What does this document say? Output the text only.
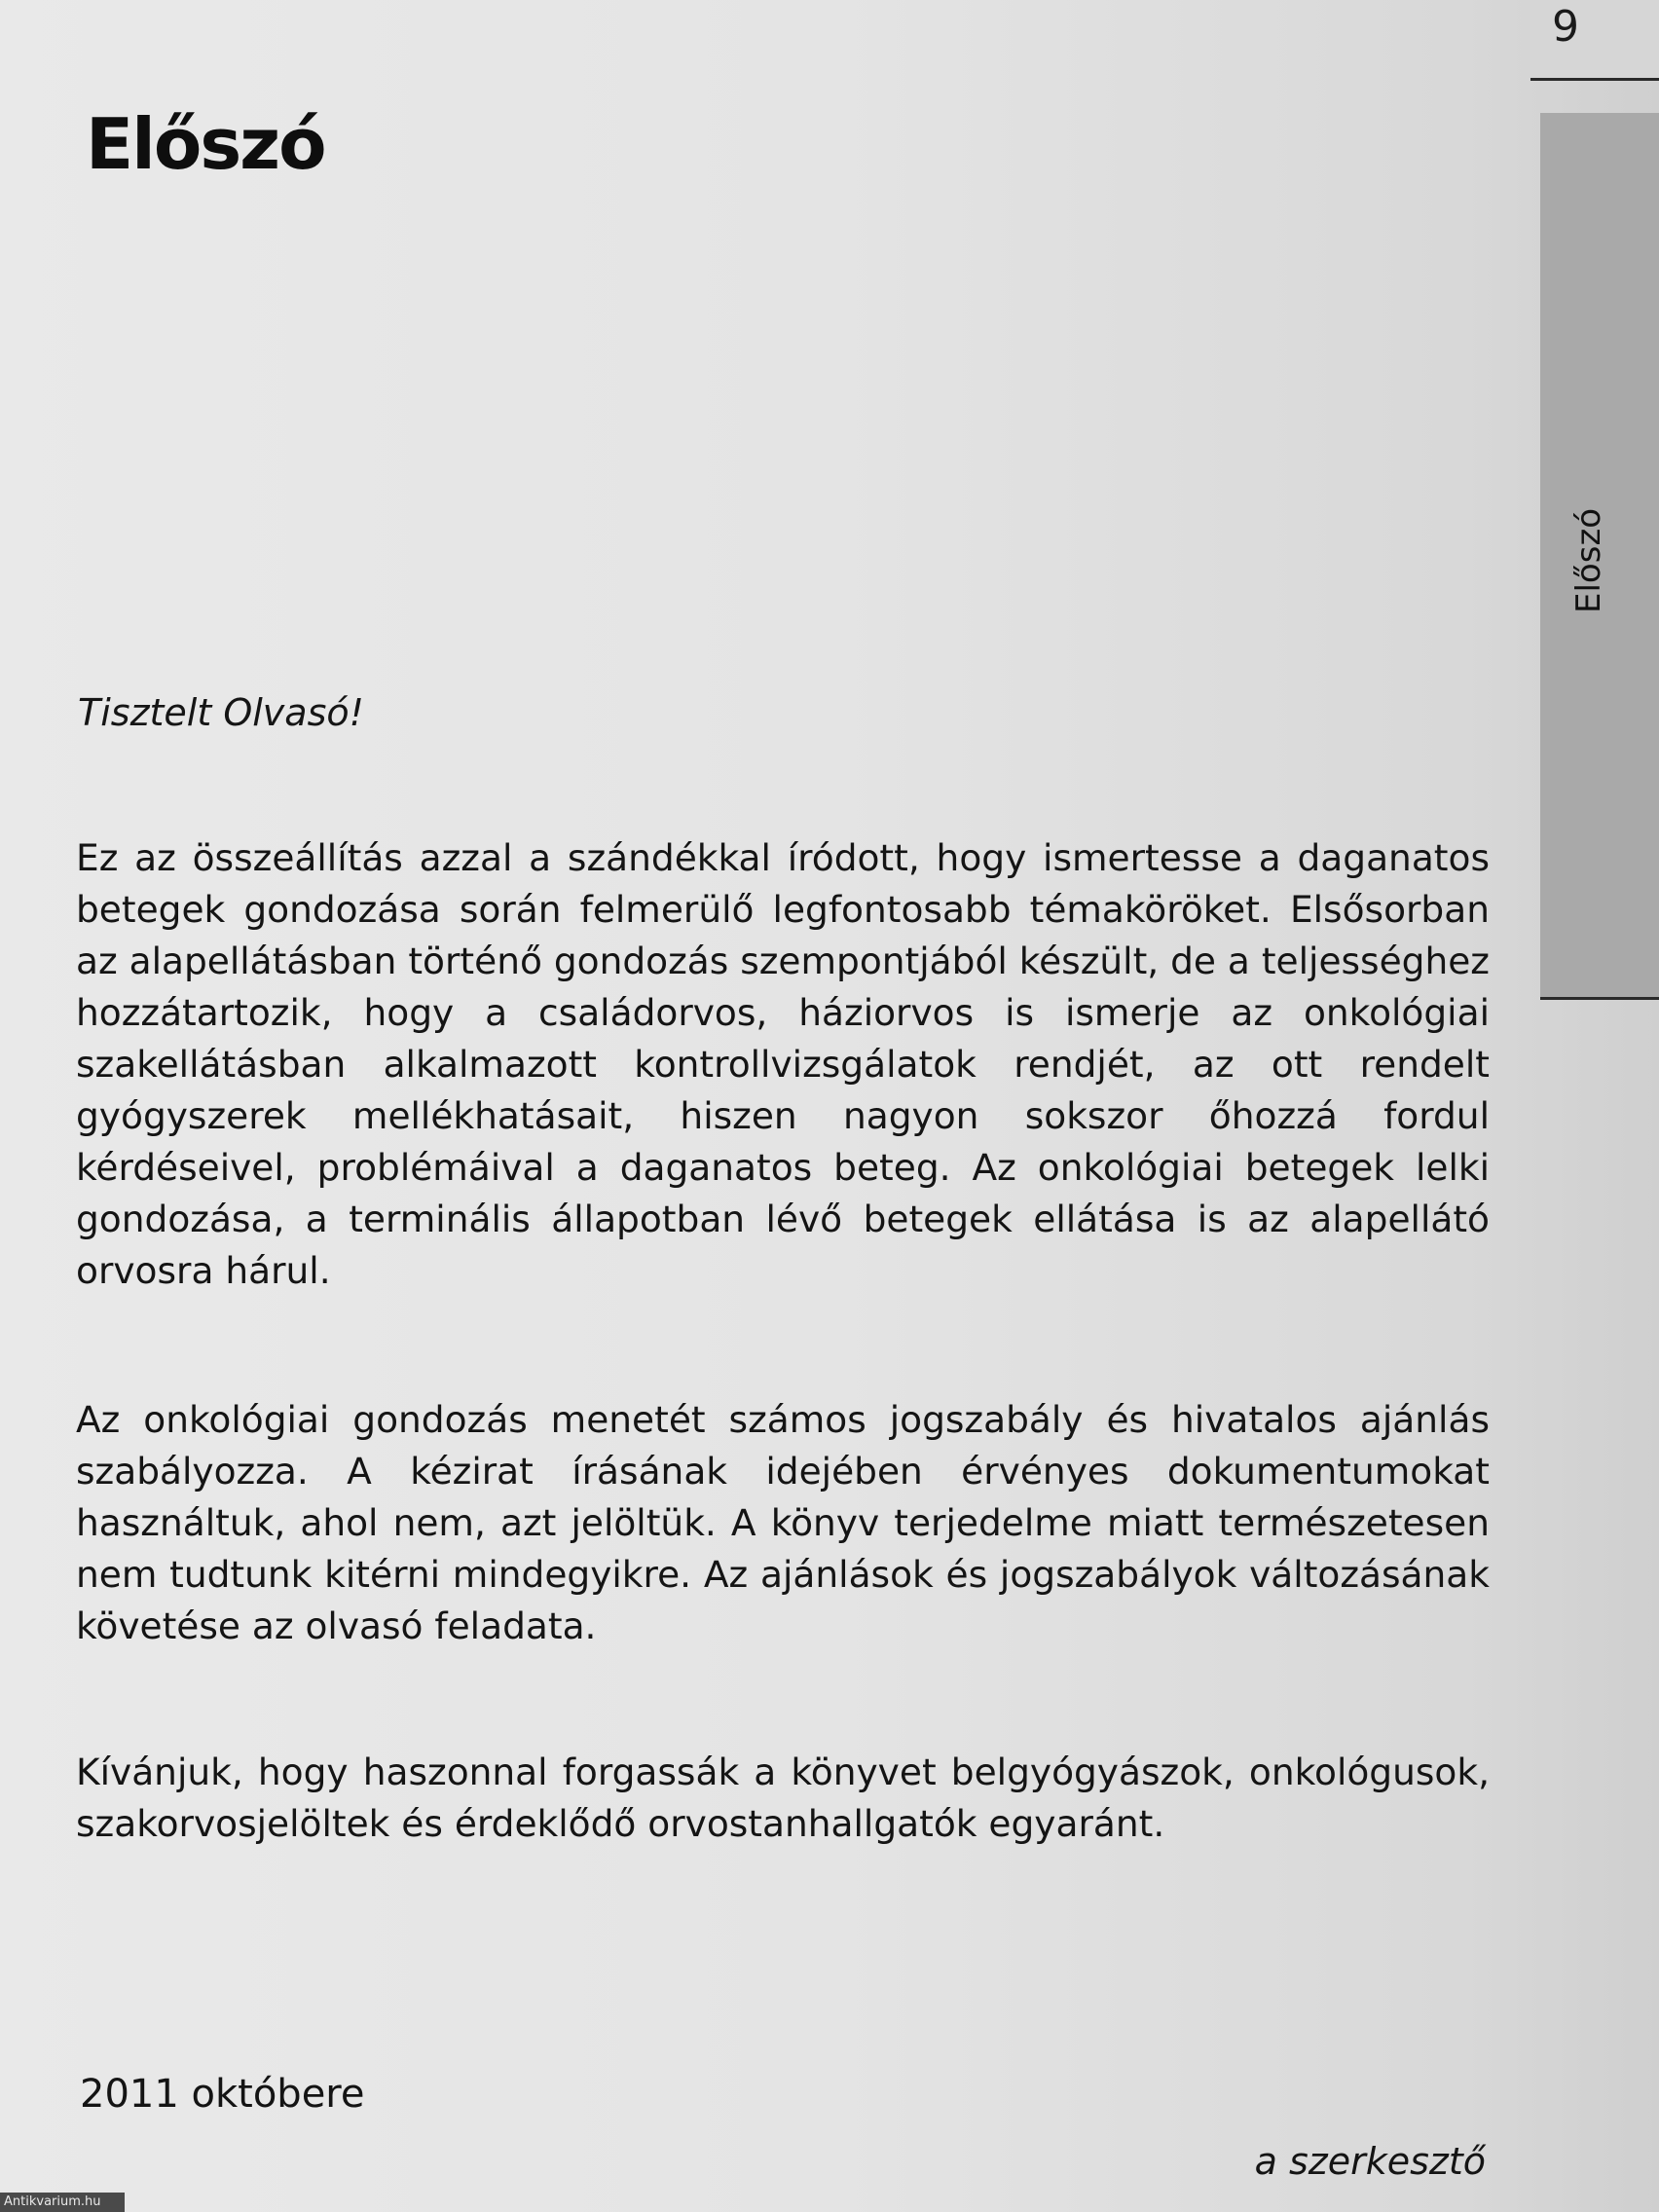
9
Előszó
Előszó

Tisztelt Olvasó!

Ez az összeállítás azzal a szándékkal íródott, hogy ismertesse a daganatos betegek gondozása során felmerülő legfontosabb témaköröket. Elsősorban az alapellátásban történő gondozás szempontjából készült, de a teljességhez hozzátartozik, hogy a családorvos, háziorvos is ismerje az onkológiai szakellátásban alkalmazott kontrollvizsgálatok rendjét, az ott rendelt gyógyszerek mellékhatásait, hiszen nagyon sokszor őhozzá fordul kérdéseivel, problémáival a daganatos beteg. Az onkológiai betegek lelki gondozása, a terminális állapotban lévő betegek ellátása is az alapellátó orvosra hárul.

Az onkológiai gondozás menetét számos jogszabály és hivatalos ajánlás szabályozza. A kézirat írásának idejében érvényes dokumentumokat használtuk, ahol nem, azt jelöltük. A könyv terjedelme miatt természetesen nem tudtunk kitérni mindegyikre. Az ajánlások és jogszabályok változásának követése az olvasó feladata.

Kívánjuk, hogy haszonnal forgassák a könyvet belgyógyászok, onkológusok, szakorvosjelöltek és érdeklődő orvostanhallgatók egyaránt.

2011 októbere

a szerkesztő

Antikvarium.hu
